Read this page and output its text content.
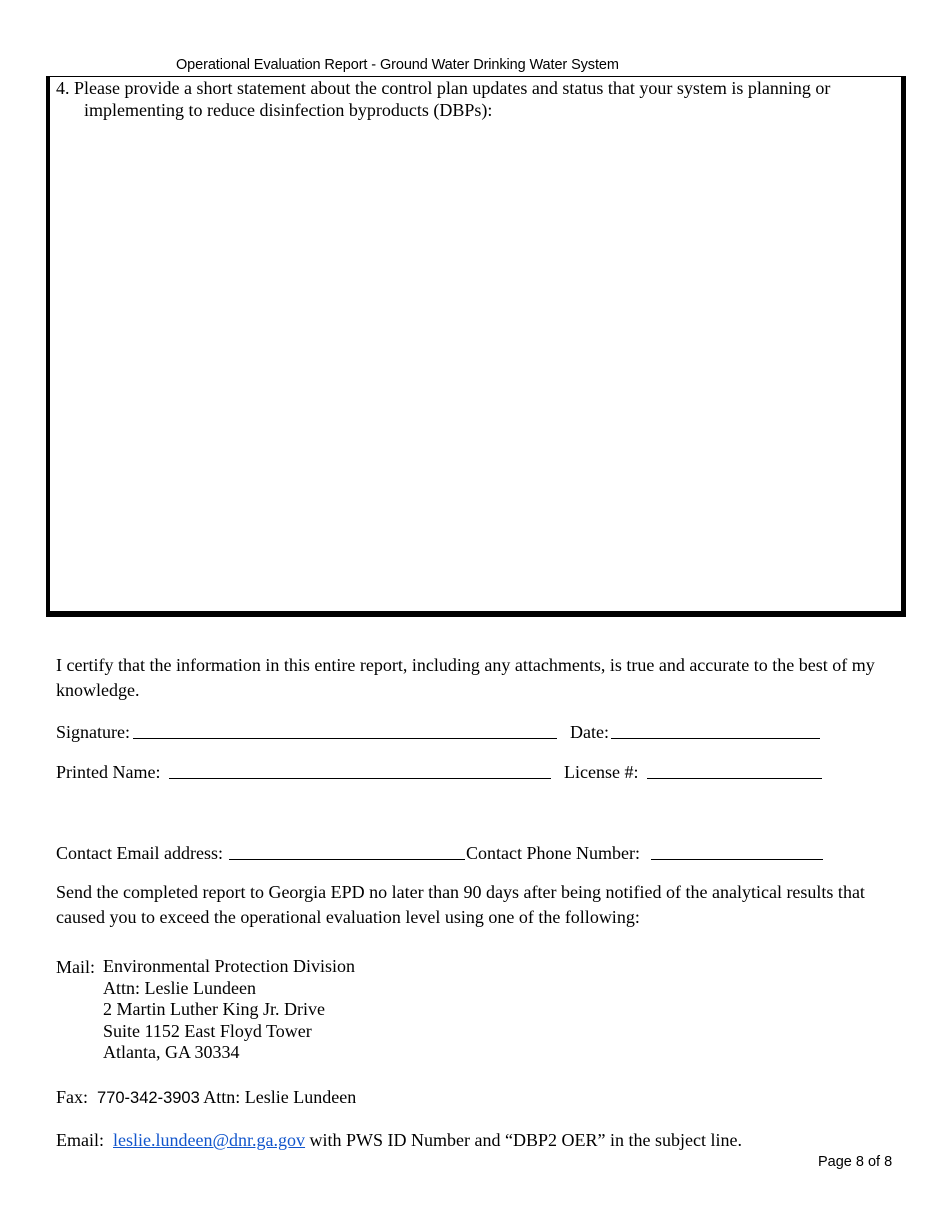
Operational Evaluation Report - Ground Water Drinking Water System
4. Please provide a short statement about the control plan updates and status that your system is planning or
implementing to reduce disinfection byproducts (DBPs):
I certify that the information in this entire report, including any attachments, is true and accurate to the best of my knowledge.
Signature:	Date:
Printed Name:	License #:
Contact Email address:	Contact Phone Number:
Send the completed report to Georgia EPD no later than 90 days after being notified of the analytical results that caused you to exceed the operational evaluation level using one of the following:
Mail: Environmental Protection Division
Attn: Leslie Lundeen
2 Martin Luther King Jr. Drive
Suite 1152 East Floyd Tower
Atlanta, GA 30334
Fax: 770-342-3903 Attn: Leslie Lundeen
Email: leslie.lundeen@dnr.ga.gov with PWS ID Number and “DBP2 OER” in the subject line.
Page 8 of 8
